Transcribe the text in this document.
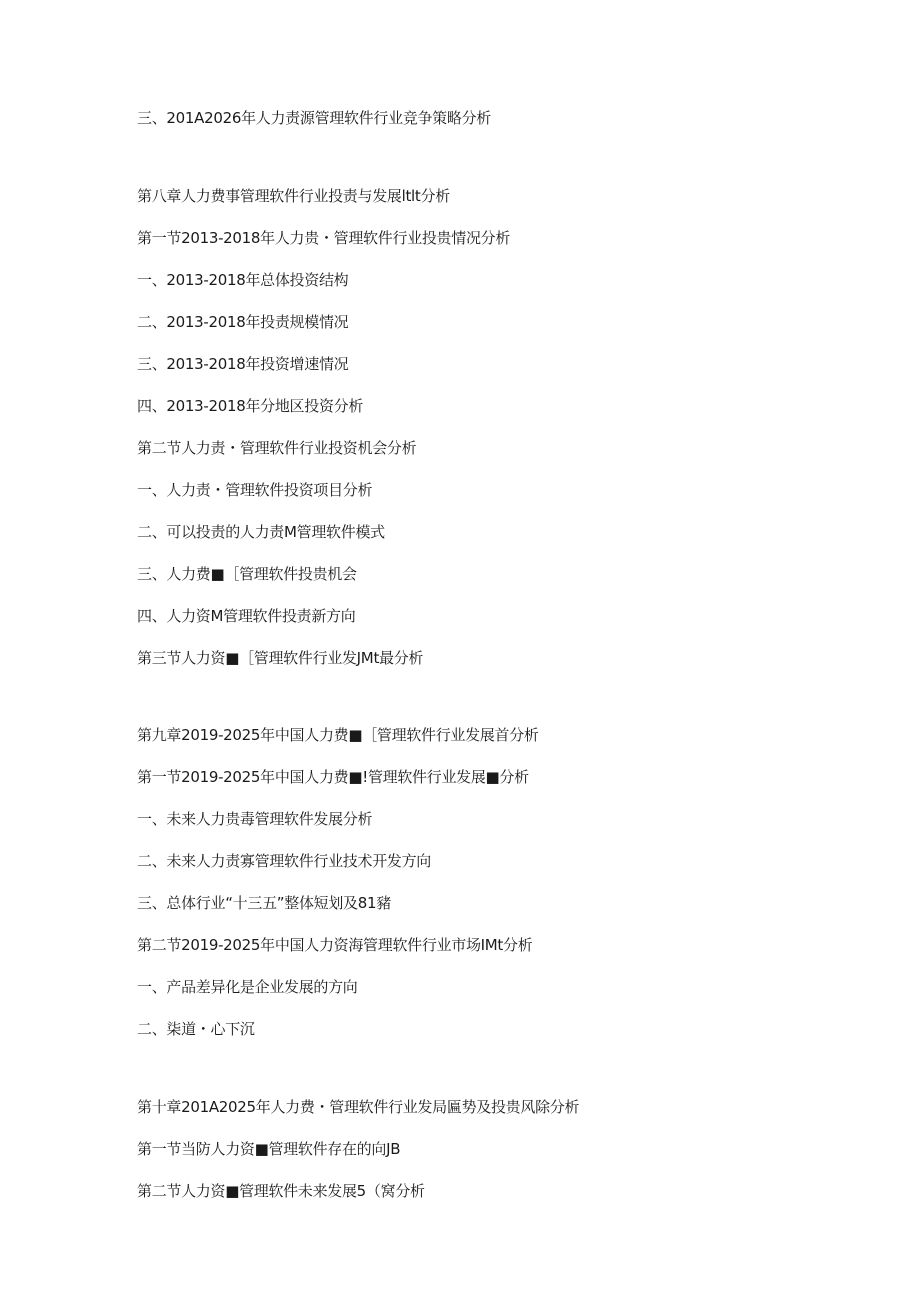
三、201A2026年人力责源管理软件行业竞争策略分析
第八章人力费事管理软件行业投责与发展ltlt分析
第一节2013-2018年人力贵・管理软件行业投贵情况分析
一、2013-2018年总体投资结构
二、2013-2018年投责规模情况
三、2013-2018年投资增速情况
四、2013-2018年分地区投资分析
第二节人力责・管理软件行业投资机会分析
一、人力责・管理软件投资项目分析
二、可以投责的人力责M管理软件模式
三、人力费■［管理软件投贵机会
四、人力资M管理软件投责新方向
第三节人力资■［管理软件行业发JMt最分析
第九章2019-2025年中国人力费■［管理软件行业发展首分析
第一节2019-2025年中国人力费■!管理软件行业发展■分析
一、未来人力贵毒管理软件发展分析
二、未来人力责寡管理软件行业技术开发方向
三、总体行业“十三五”整体短划及81豬
第二节2019-2025年中国人力资海管理软件行业市场IMt分析
一、产品差异化是企业发展的方向
二、柒道・心下沉
第十章201A2025年人力费・管理软件行业发局匾势及投贵风除分析
第一节当防人力资■管理软件存在的向JB
第二节人力资■管理软件未来发展5（窝分析
